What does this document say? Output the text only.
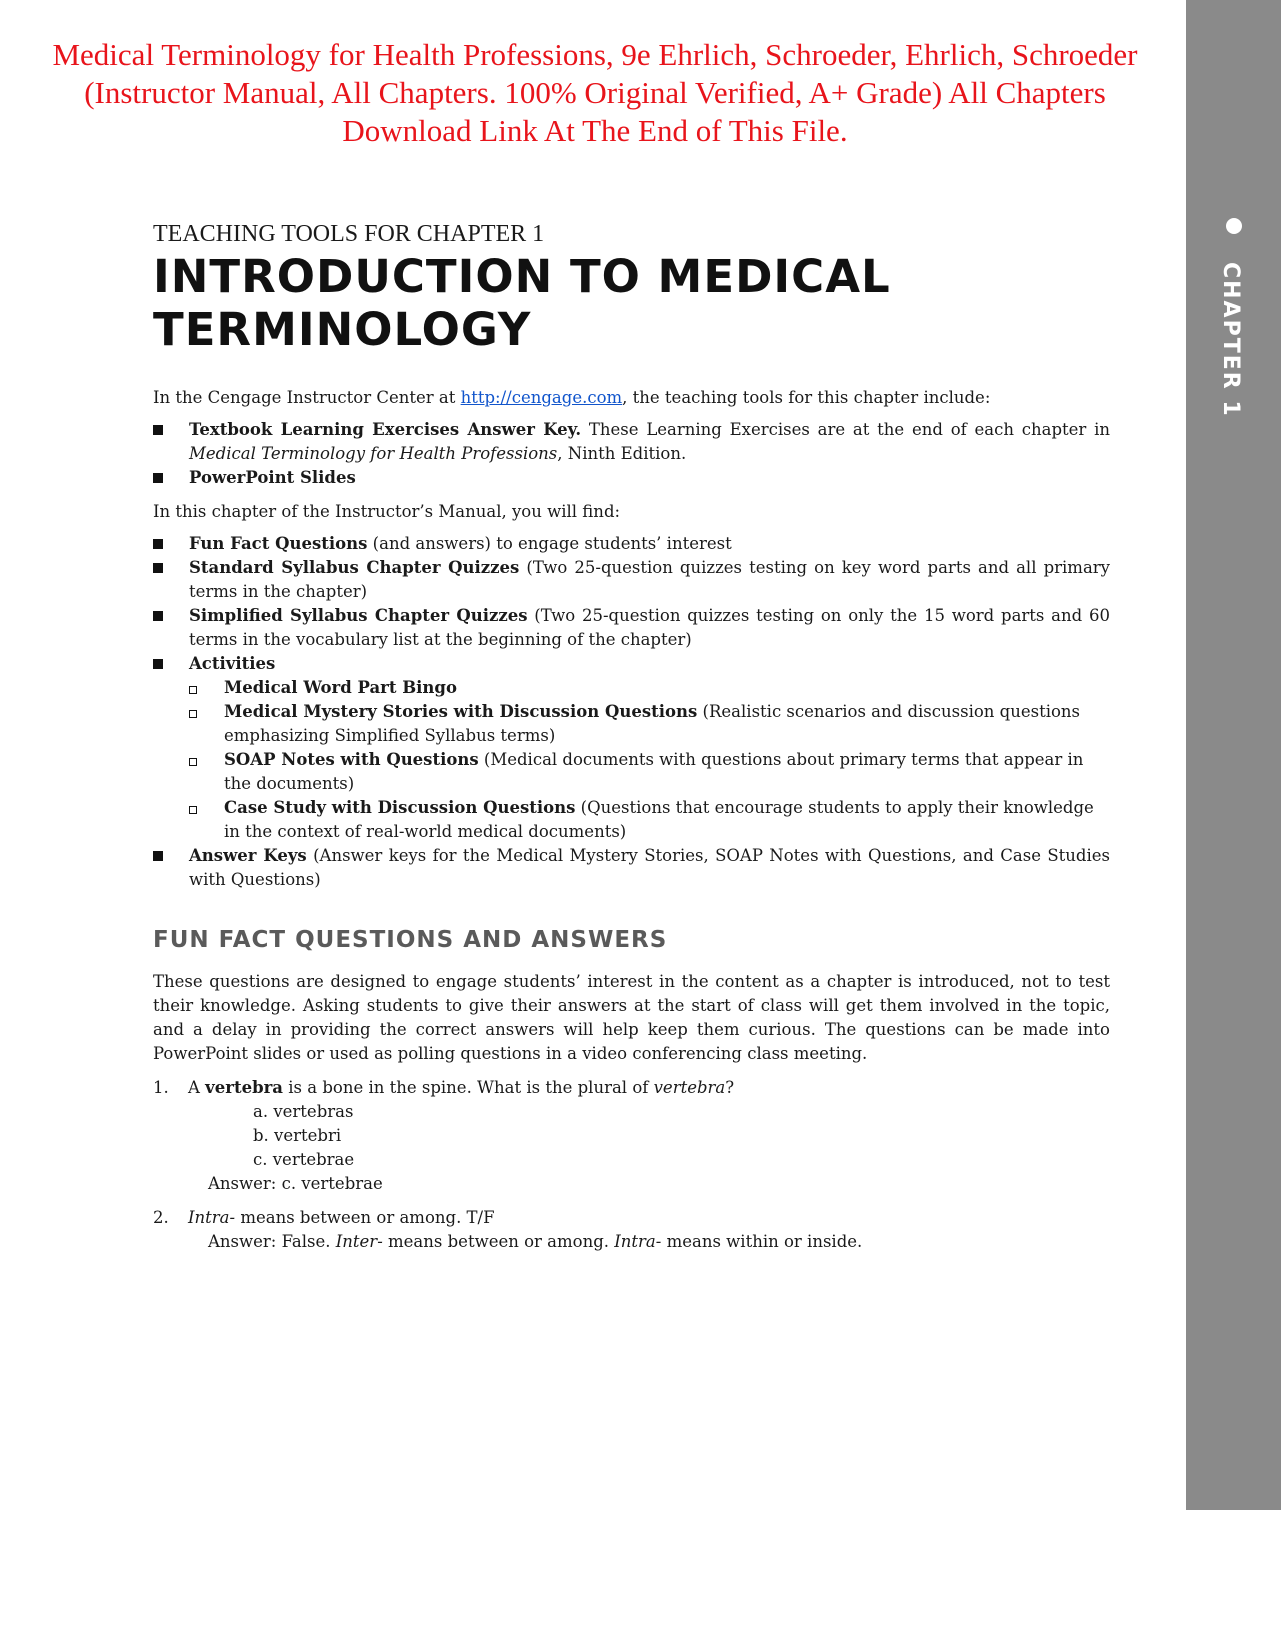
Medical Terminology for Health Professions, 9e Ehrlich, Schroeder, Ehrlich, Schroeder
(Instructor Manual, All Chapters. 100% Original Verified, A+ Grade) All Chapters
Download Link At The End of This File.
CHAPTER 1

TEACHING TOOLS FOR CHAPTER 1

INTRODUCTION TO MEDICAL
TERMINOLOGY

In the Cengage Instructor Center at http://cengage.com, the teaching tools for this chapter include:

Textbook Learning Exercises Answer Key. These Learning Exercises are at the end of each chapter in Medical Terminology for Health Professions, Ninth Edition.
PowerPoint Slides

In this chapter of the Instructor’s Manual, you will find:

Fun Fact Questions (and answers) to engage students’ interest
Standard Syllabus Chapter Quizzes (Two 25-question quizzes testing on key word parts and all primary terms in the chapter)
Simplified Syllabus Chapter Quizzes (Two 25-question quizzes testing on only the 15 word parts and 60 terms in the vocabulary list at the beginning of the chapter)
Activities
Medical Word Part Bingo
Medical Mystery Stories with Discussion Questions (Realistic scenarios and discussion questions emphasizing Simplified Syllabus terms)
SOAP Notes with Questions (Medical documents with questions about primary terms that appear in the documents)
Case Study with Discussion Questions (Questions that encourage students to apply their knowledge in the context of real-world medical documents)
Answer Keys (Answer keys for the Medical Mystery Stories, SOAP Notes with Questions, and Case Studies with Questions)
FUN FACT QUESTIONS AND ANSWERS

These questions are designed to engage students’ interest in the content as a chapter is introduced, not to test their knowledge. Asking students to give their answers at the start of class will get them involved in the topic, and a delay in providing the correct answers will help keep them curious. The questions can be made into PowerPoint slides or used as polling questions in a video conferencing class meeting.

1. A vertebra is a bone in the spine. What is the plural of vertebra?
a. vertebras
b. vertebri
c. vertebrae
Answer: c. vertebrae
2. Intra- means between or among. T/F
Answer: False. Inter- means between or among. Intra- means within or inside.
